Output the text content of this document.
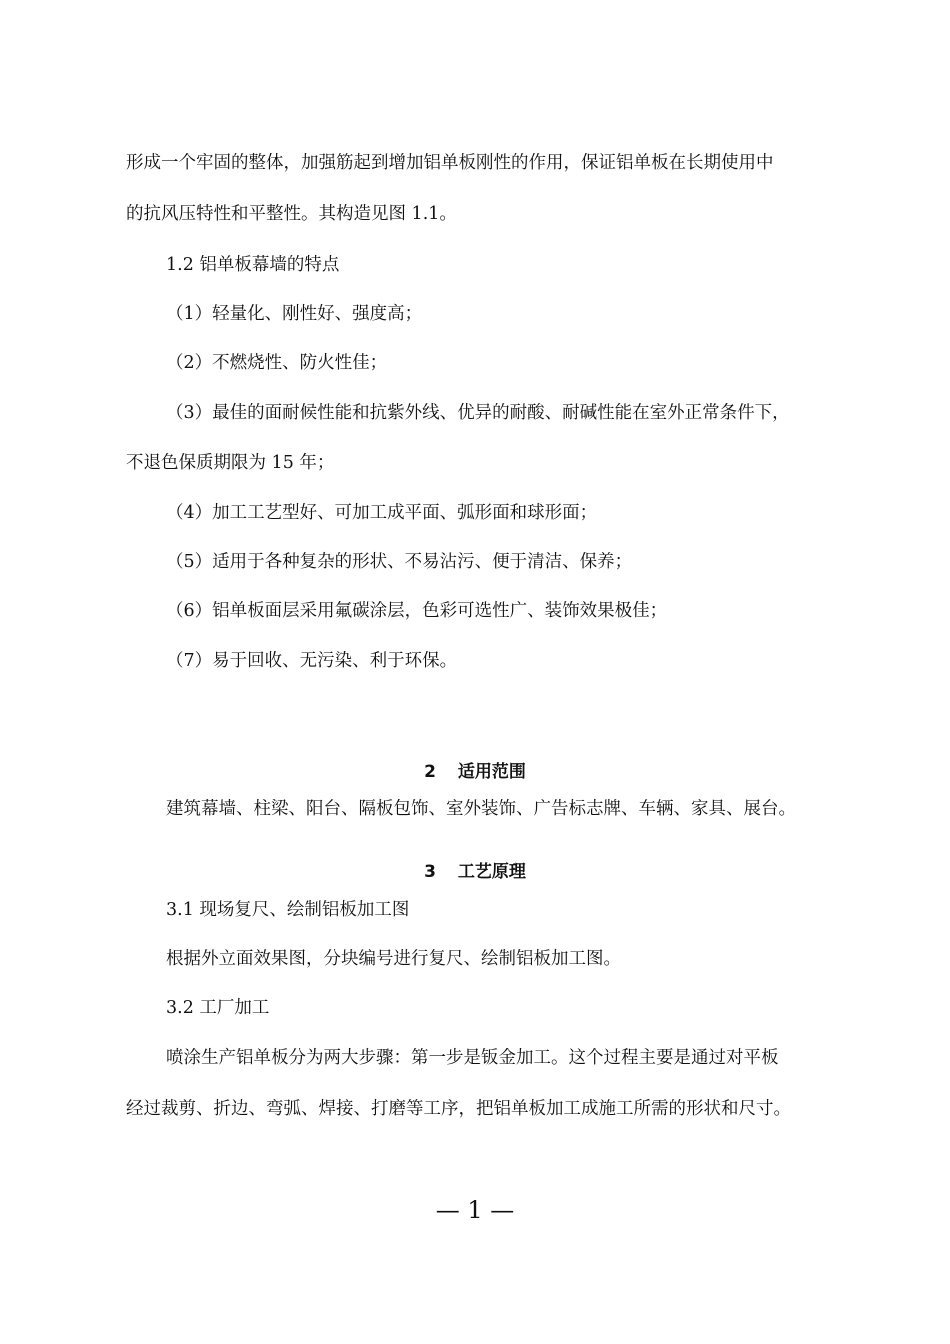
形成一个牢固的整体，加强筋起到增加铝单板刚性的作用，保证铝单板在长期使用中
的抗风压特性和平整性。其构造见图 1.1。
1.2 铝单板幕墙的特点
（1）轻量化、刚性好、强度高；
（2）不燃烧性、防火性佳；
（3）最佳的面耐候性能和抗紫外线、优异的耐酸、耐碱性能在室外正常条件下，
不退色保质期限为 15 年；
（4）加工工艺型好、可加工成平面、弧形面和球形面；
（5）适用于各种复杂的形状、不易沾污、便于清洁、保养；
（6）铝单板面层采用氟碳涂层，色彩可选性广、装饰效果极佳；
（7）易于回收、无污染、利于环保。
2 适用范围
建筑幕墙、柱梁、阳台、隔板包饰、室外装饰、广告标志牌、车辆、家具、展台。
3 工艺原理
3.1 现场复尺、绘制铝板加工图
根据外立面效果图，分块编号进行复尺、绘制铝板加工图。
3.2 工厂加工
喷涂生产铝单板分为两大步骤：第一步是钣金加工。这个过程主要是通过对平板
经过裁剪、折边、弯弧、焊接、打磨等工序，把铝单板加工成施工所需的形状和尺寸。
— 1 —
